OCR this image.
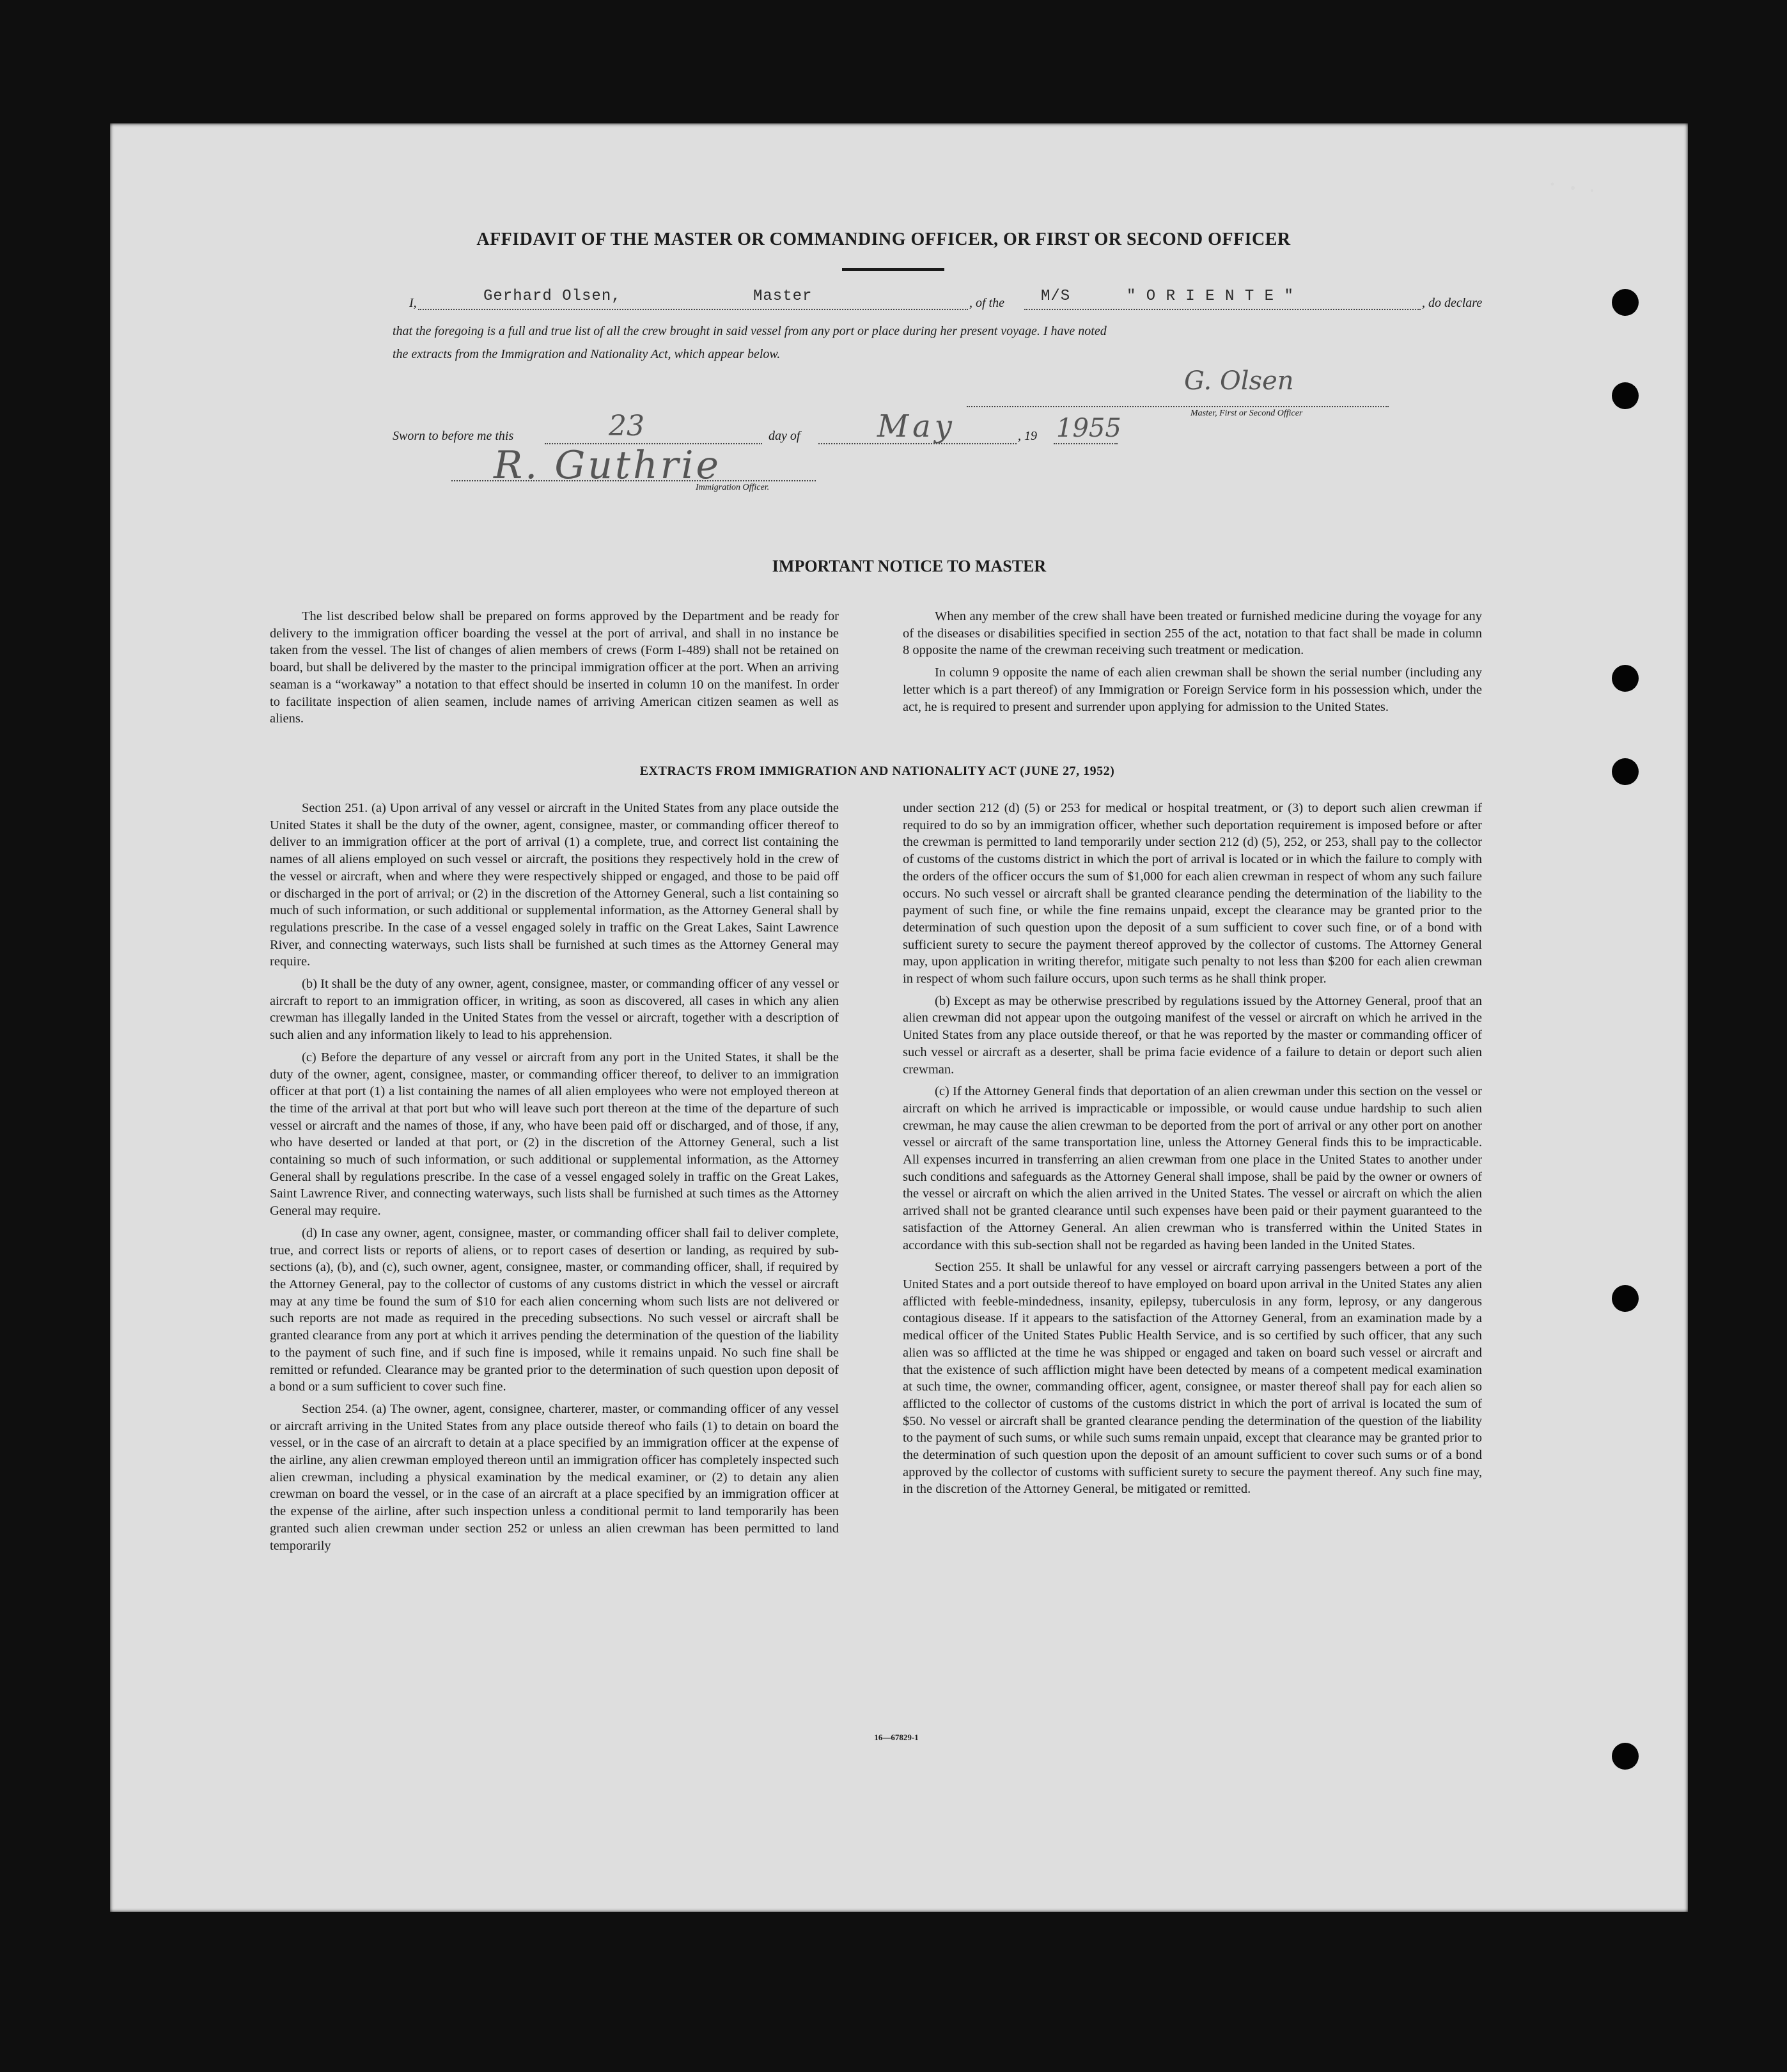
AFFIDAVIT OF THE MASTER OR COMMANDING OFFICER, OR FIRST OR SECOND OFFICER
I,	Gerhard Olsen,	Master	, of the M/S	" O R I E N T E "	, do declare
that the foregoing is a full and true list of all the crew brought in said vessel from any port or place during her present voyage. I have noted
the extracts from the Immigration and Nationality Act, which appear below.
G. Olsen
Master, First or Second Officer
Sworn to before me this	23	day of	May	, 19 1955
R. Guthrie
Immigration Officer.
IMPORTANT NOTICE TO MASTER

The list described below shall be prepared on forms approved by the Department and be ready for delivery to the immigration officer boarding the vessel at the port of arrival, and shall in no instance be taken from the vessel. The list of changes of alien members of crews (Form I-489) shall not be retained on board, but shall be delivered by the master to the principal immigration officer at the port. When an arriving seaman is a “workaway” a notation to that effect should be inserted in column 10 on the manifest. In order to facilitate inspection of alien seamen, include names of arriving American citizen seamen as well as aliens.

When any member of the crew shall have been treated or furnished medicine during the voyage for any of the diseases or disabilities specified in section 255 of the act, notation to that fact shall be made in column 8 opposite the name of the crewman receiving such treatment or medication.

In column 9 opposite the name of each alien crewman shall be shown the serial number (including any letter which is a part thereof) of any Immigration or Foreign Service form in his possession which, under the act, he is required to present and surrender upon applying for admission to the United States.

EXTRACTS FROM IMMIGRATION AND NATIONALITY ACT (JUNE 27, 1952)

Section 251. (a) Upon arrival of any vessel or aircraft in the United States from any place outside the United States it shall be the duty of the owner, agent, consignee, master, or commanding officer thereof to deliver to an immigration officer at the port of arrival (1) a complete, true, and correct list containing the names of all aliens employed on such vessel or aircraft, the positions they respectively hold in the crew of the vessel or aircraft, when and where they were respectively shipped or engaged, and those to be paid off or discharged in the port of arrival; or (2) in the discretion of the Attorney General, such a list containing so much of such information, or such additional or supplemental information, as the Attorney General shall by regulations prescribe. In the case of a vessel engaged solely in traffic on the Great Lakes, Saint Lawrence River, and connecting waterways, such lists shall be furnished at such times as the Attorney General may require.

(b) It shall be the duty of any owner, agent, consignee, master, or commanding officer of any vessel or aircraft to report to an immigration officer, in writing, as soon as discovered, all cases in which any alien crewman has illegally landed in the United States from the vessel or aircraft, together with a description of such alien and any information likely to lead to his apprehension.

(c) Before the departure of any vessel or aircraft from any port in the United States, it shall be the duty of the owner, agent, consignee, master, or commanding officer thereof, to deliver to an immigration officer at that port (1) a list containing the names of all alien employees who were not employed thereon at the time of the arrival at that port but who will leave such port thereon at the time of the departure of such vessel or aircraft and the names of those, if any, who have been paid off or discharged, and of those, if any, who have deserted or landed at that port, or (2) in the discretion of the Attorney General, such a list containing so much of such information, or such additional or supplemental information, as the Attorney General shall by regulations prescribe. In the case of a vessel engaged solely in traffic on the Great Lakes, Saint Lawrence River, and connecting waterways, such lists shall be furnished at such times as the Attorney General may require.

(d) In case any owner, agent, consignee, master, or commanding officer shall fail to deliver complete, true, and correct lists or reports of aliens, or to report cases of desertion or landing, as required by sub-sections (a), (b), and (c), such owner, agent, consignee, master, or commanding officer, shall, if required by the Attorney General, pay to the collector of customs of any customs district in which the vessel or aircraft may at any time be found the sum of $10 for each alien concerning whom such lists are not delivered or such reports are not made as required in the preceding subsections. No such vessel or aircraft shall be granted clearance from any port at which it arrives pending the determination of the question of the liability to the payment of such fine, and if such fine is imposed, while it remains unpaid. No such fine shall be remitted or refunded. Clearance may be granted prior to the determination of such question upon deposit of a bond or a sum sufficient to cover such fine.

Section 254. (a) The owner, agent, consignee, charterer, master, or commanding officer of any vessel or aircraft arriving in the United States from any place outside thereof who fails (1) to detain on board the vessel, or in the case of an aircraft to detain at a place specified by an immigration officer at the expense of the airline, any alien crewman employed thereon until an immigration officer has completely inspected such alien crewman, including a physical examination by the medical examiner, or (2) to detain any alien crewman on board the vessel, or in the case of an aircraft at a place specified by an immigration officer at the expense of the airline, after such inspection unless a conditional permit to land temporarily has been granted such alien crewman under section 252 or unless an alien crewman has been permitted to land temporarily

under section 212 (d) (5) or 253 for medical or hospital treatment, or (3) to deport such alien crewman if required to do so by an immigration officer, whether such deportation requirement is imposed before or after the crewman is permitted to land temporarily under section 212 (d) (5), 252, or 253, shall pay to the collector of customs of the customs district in which the port of arrival is located or in which the failure to comply with the orders of the officer occurs the sum of $1,000 for each alien crewman in respect of whom any such failure occurs. No such vessel or aircraft shall be granted clearance pending the determination of the liability to the payment of such fine, or while the fine remains unpaid, except the clearance may be granted prior to the determination of such question upon the deposit of a sum sufficient to cover such fine, or of a bond with sufficient surety to secure the payment thereof approved by the collector of customs. The Attorney General may, upon application in writing therefor, mitigate such penalty to not less than $200 for each alien crewman in respect of whom such failure occurs, upon such terms as he shall think proper.

(b) Except as may be otherwise prescribed by regulations issued by the Attorney General, proof that an alien crewman did not appear upon the outgoing manifest of the vessel or aircraft on which he arrived in the United States from any place outside thereof, or that he was reported by the master or commanding officer of such vessel or aircraft as a deserter, shall be prima facie evidence of a failure to detain or deport such alien crewman.

(c) If the Attorney General finds that deportation of an alien crewman under this section on the vessel or aircraft on which he arrived is impracticable or impossible, or would cause undue hardship to such alien crewman, he may cause the alien crewman to be deported from the port of arrival or any other port on another vessel or aircraft of the same transportation line, unless the Attorney General finds this to be impracticable. All expenses incurred in transferring an alien crewman from one place in the United States to another under such conditions and safeguards as the Attorney General shall impose, shall be paid by the owner or owners of the vessel or aircraft on which the alien arrived in the United States. The vessel or aircraft on which the alien arrived shall not be granted clearance until such expenses have been paid or their payment guaranteed to the satisfaction of the Attorney General. An alien crewman who is transferred within the United States in accordance with this sub-section shall not be regarded as having been landed in the United States.

Section 255. It shall be unlawful for any vessel or aircraft carrying passengers between a port of the United States and a port outside thereof to have employed on board upon arrival in the United States any alien afflicted with feeble-mindedness, insanity, epilepsy, tuberculosis in any form, leprosy, or any dangerous contagious disease. If it appears to the satisfaction of the Attorney General, from an examination made by a medical officer of the United States Public Health Service, and is so certified by such officer, that any such alien was so afflicted at the time he was shipped or engaged and taken on board such vessel or aircraft and that the existence of such affliction might have been detected by means of a competent medical examination at such time, the owner, commanding officer, agent, consignee, or master thereof shall pay for each alien so afflicted to the collector of customs of the customs district in which the port of arrival is located the sum of $50. No vessel or aircraft shall be granted clearance pending the determination of the question of the liability to the payment of such sums, or while such sums remain unpaid, except that clearance may be granted prior to the determination of such question upon the deposit of an amount sufficient to cover such sums or of a bond approved by the collector of customs with sufficient surety to secure the payment thereof. Any such fine may, in the discretion of the Attorney General, be mitigated or remitted.

16—67829-1
